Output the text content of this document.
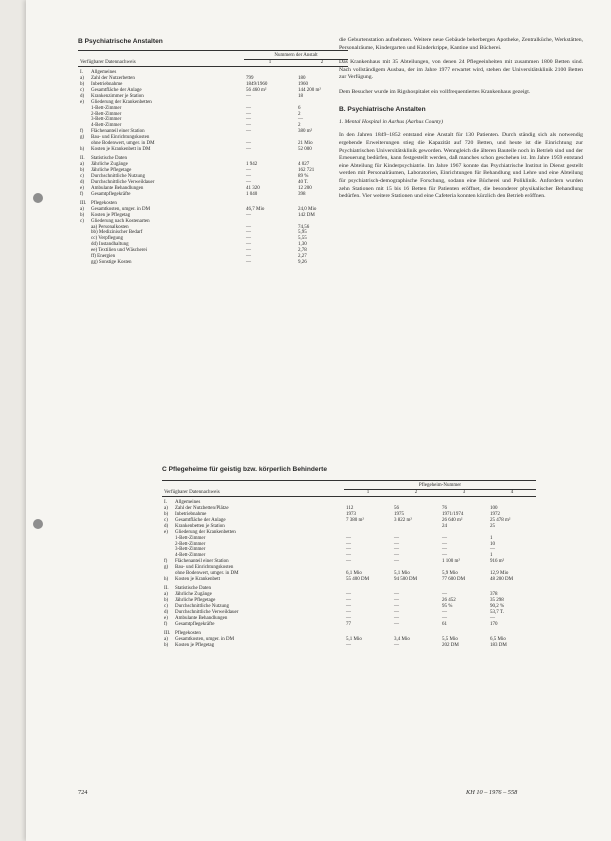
B Psychiatrische Anstalten
Verfügbarer Datennachweis		Nummern der Anstalt	
		1	2
I.	Allgemeines		
a)	Zahl der Nutzerbetten	799	180
b)	Inbetriebnahme	1849/1960	1960
c)	Gesamtfläche der Anlage	56 460 m²	144 200 m²
d)	Krankenzimmer je Station	—	18
e)	Gliederung der Krankenbetten		
	1-Bett-Zimmer	—	6
	2-Bett-Zimmer	—	2
	3-Bett-Zimmer	—	—
	4-Bett-Zimmer	—	2
f)	Flächenanteil einer Station	—	380 m²
g)	Bau- und Einrichtungskosten		
	ohne Bodenwert, umger. in DM	—	21 Mio
h)	Kosten je Krankenbett in DM	—	52 000
II.	Statistische Daten		
a)	Jährliche Zugänge	1 942	4 027
b)	Jährliche Pflegetage	—	162 721
c)	Durchschnittliche Nutzung	—	89 %
d)	Durchschnittliche Verweildauer	—	40 T.
e)	Ambulante Behandlungen	41 320	12 200
f)	Gesamtpflegekräfte	1 040	398
III.	Pflegekosten		
a)	Gesamtkosten, umger. in DM	46,7 Mio	24,0 Mio
b)	Kosten je Pflegetag	—	142 DM
c)	Gliederung nach Kostenarten		
	aa) Personalkosten	—	74,56
	bb) Medizinischer Bedarf	—	5,95
	cc) Verpflegung	—	5,55
	dd) Instandhaltung	—	1,30
	ee) Textilien und Wäscherei	—	2,78
	ff) Energien	—	2,27
	gg) Sonstige Kosten	—	9,26

die Geburtenstation aufnehmen. Weitere neue Gebäude beherbergen Apotheke, Zentralküche, Werkstätten, Personalräume, Kindergarten und Kinderkrippe, Kantine und Bücherei.

Das Krankenhaus mit 35 Abteilungen, von denen 24 Pflegeeinheiten mit zusammen 1800 Betten sind. Nach vollständigem Ausbau, der im Jahre 1977 erwartet wird, stehen der Universitätsklinik 2100 Betten zur Verfügung.

Dem Besucher wurde im Rigshospitalet ein vollfrequentiertes Krankenhaus gezeigt.

B. Psychiatrische Anstalten
1. Mental Hospital in Aarhus (Aarhus County)

In den Jahren 1849–1852 entstand eine Anstalt für 130 Patienten. Durch ständig sich als notwendig ergebende Erweiterungen stieg die Kapazität auf 720 Betten, und heute ist die Einrichtung zur Psychiatrischen Universitätsklinik geworden. Wenngleich die älteren Bauteile noch in Betrieb sind und der Erneuerung bedürfen, kann festgestellt werden, daß manches schon geschehen ist. Im Jahre 1959 entstand eine Abteilung für Kinderpsychiatrie. Im Jahre 1967 konnte das Psychiatrische Institut in Dienst gestellt werden mit Personalräumen, Laboratorien, Einrichtungen für Behandlung und Lehre und eine Abteilung für psychiatrisch-demographische Forschung, sodann eine Bücherei und Poliklinik. Anfordern wurden zehn Stationen mit 15 bis 16 Betten für Patienten eröffnet, die besonderer physikalischer Behandlung bedürfen. Vier weitere Stationen und eine Cafeteria konnten kürzlich den Betrieb eröffnen.

C Pflegeheime für geistig bzw. körperlich Behinderte
Verfügbarer Datennachweis		Pflegeheim-Nummer			
		1	2	3	4
I.	Allgemeines				
a)	Zahl der Nutzbetten/Plätze	112	56	76	100
b)	Inbetriebnahme	1973	1975	1971/1974	1972
c)	Gesamtfläche der Anlage	7 380 m²	3 822 m²	26 640 m²	25 478 m²
d)	Krankenbetten je Station			24	25
e)	Gliederung der Krankenbetten				
	1-Bett-Zimmer	—	—	—	1
	2-Bett-Zimmer	—	—	—	10
	3-Bett-Zimmer	—	—	—	—
	4-Bett-Zimmer	—	—	—	1
f)	Flächenanteil einer Station	—	—	1 100 m²	916 m²
g)	Bau- und Einrichtungskosten				
	ohne Bodenwert, umger. in DM	6,1 Mio	5,1 Mio	5,9 Mio	12,9 Mio
h)	Kosten je Krankenbett	55 400 DM	94 500 DM	77 600 DM	48 200 DM
II.	Statistische Daten				
a)	Jährliche Zugänge	—	—	—	378
b)	Jährliche Pflegetage	—	—	26 452	35 298
c)	Durchschnittliche Nutzung	—	—	95 %	90,2 %
d)	Durchschnittliche Verweildauer	—	—	—	53,7 T.
e)	Ambulante Behandlungen	—	—	—	—
f)	Gesamtpflegekräfte	77	—	61	170
III.	Pflegekosten				
a)	Gesamtkosten, umger. in DM	5,1 Mio	3,4 Mio	5,5 Mio	6,5 Mio
b)	Kosten je Pflegetag	—	—	202 DM	183 DM
724	KH 10 – 1976 – 558
